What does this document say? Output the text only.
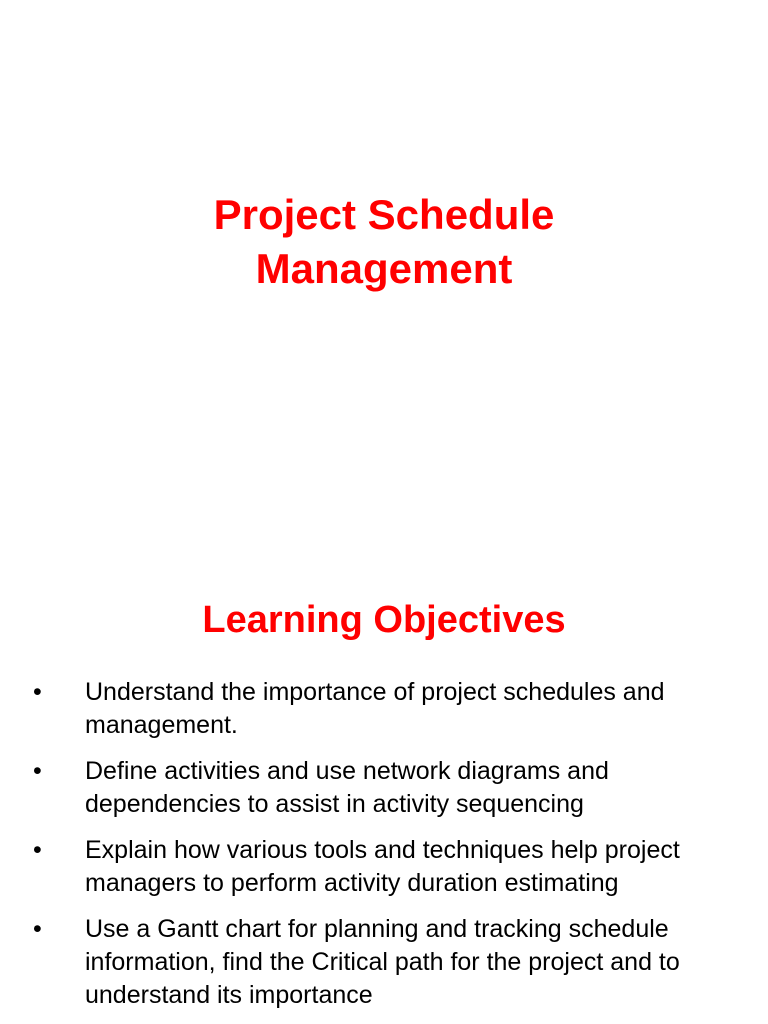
Project Schedule
Management
Learning Objectives
• Understand the importance of project schedules and management.
• Define activities and use network diagrams and dependencies to assist in activity sequencing
• Explain how various tools and techniques help project managers to perform activity duration estimating
• Use a Gantt chart for planning and tracking schedule information, find the Critical path for the project and to understand its importance
